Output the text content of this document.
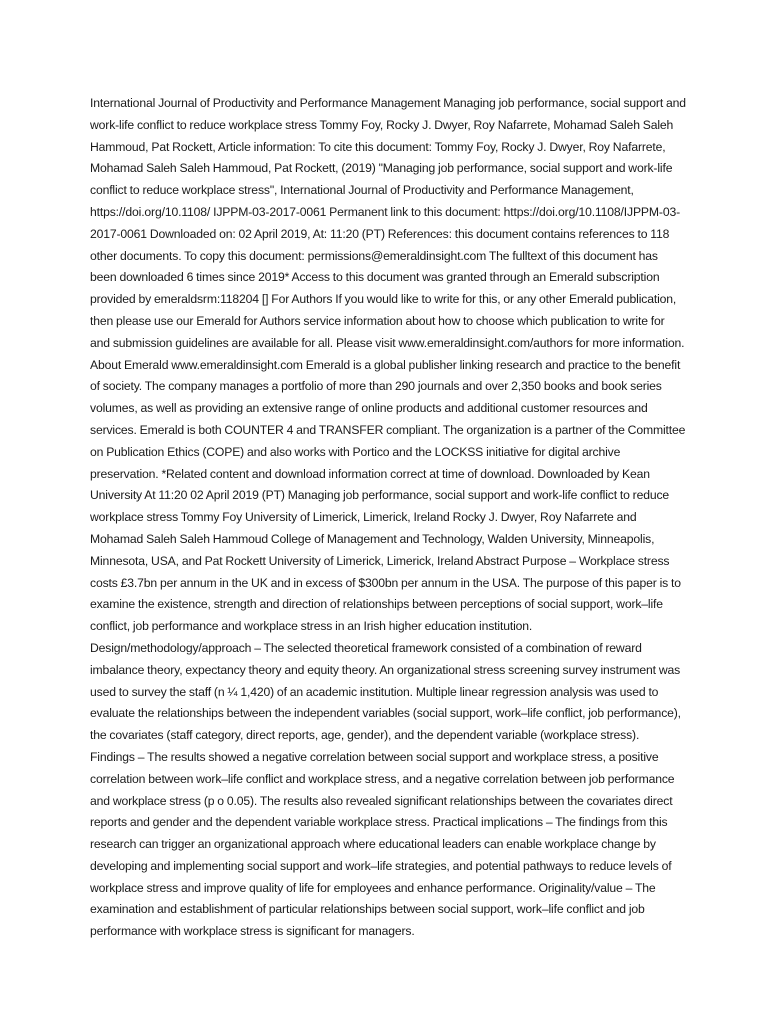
International Journal of Productivity and Performance Management Managing job performance, social support and work-life conflict to reduce workplace stress Tommy Foy, Rocky J. Dwyer, Roy Nafarrete, Mohamad Saleh Saleh Hammoud, Pat Rockett, Article information: To cite this document: Tommy Foy, Rocky J. Dwyer, Roy Nafarrete, Mohamad Saleh Saleh Hammoud, Pat Rockett, (2019) "Managing job performance, social support and work-life conflict to reduce workplace stress", International Journal of Productivity and Performance Management, https://doi.org/10.1108/ IJPPM-03-2017-0061 Permanent link to this document: https://doi.org/10.1108/IJPPM-03-2017-0061 Downloaded on: 02 April 2019, At: 11:20 (PT) References: this document contains references to 118 other documents. To copy this document: permissions@emeraldinsight.com The fulltext of this document has been downloaded 6 times since 2019* Access to this document was granted through an Emerald subscription provided by emeraldsrm:118204 [] For Authors If you would like to write for this, or any other Emerald publication, then please use our Emerald for Authors service information about how to choose which publication to write for and submission guidelines are available for all. Please visit www.emeraldinsight.com/authors for more information. About Emerald www.emeraldinsight.com Emerald is a global publisher linking research and practice to the benefit of society. The company manages a portfolio of more than 290 journals and over 2,350 books and book series volumes, as well as providing an extensive range of online products and additional customer resources and services. Emerald is both COUNTER 4 and TRANSFER compliant. The organization is a partner of the Committee on Publication Ethics (COPE) and also works with Portico and the LOCKSS initiative for digital archive preservation. *Related content and download information correct at time of download. Downloaded by Kean University At 11:20 02 April 2019 (PT) Managing job performance, social support and work-life conflict to reduce workplace stress Tommy Foy University of Limerick, Limerick, Ireland Rocky J. Dwyer, Roy Nafarrete and Mohamad Saleh Saleh Hammoud College of Management and Technology, Walden University, Minneapolis, Minnesota, USA, and Pat Rockett University of Limerick, Limerick, Ireland Abstract Purpose – Workplace stress costs £3.7bn per annum in the UK and in excess of $300bn per annum in the USA. The purpose of this paper is to examine the existence, strength and direction of relationships between perceptions of social support, work–life conflict, job performance and workplace stress in an Irish higher education institution. Design/methodology/approach – The selected theoretical framework consisted of a combination of reward imbalance theory, expectancy theory and equity theory. An organizational stress screening survey instrument was used to survey the staff (n ¼ 1,420) of an academic institution. Multiple linear regression analysis was used to evaluate the relationships between the independent variables (social support, work–life conflict, job performance), the covariates (staff category, direct reports, age, gender), and the dependent variable (workplace stress). Findings – The results showed a negative correlation between social support and workplace stress, a positive correlation between work–life conflict and workplace stress, and a negative correlation between job performance and workplace stress (p o 0.05). The results also revealed significant relationships between the covariates direct reports and gender and the dependent variable workplace stress. Practical implications – The findings from this research can trigger an organizational approach where educational leaders can enable workplace change by developing and implementing social support and work–life strategies, and potential pathways to reduce levels of workplace stress and improve quality of life for employees and enhance performance. Originality/value – The examination and establishment of particular relationships between social support, work–life conflict and job performance with workplace stress is significant for managers.
